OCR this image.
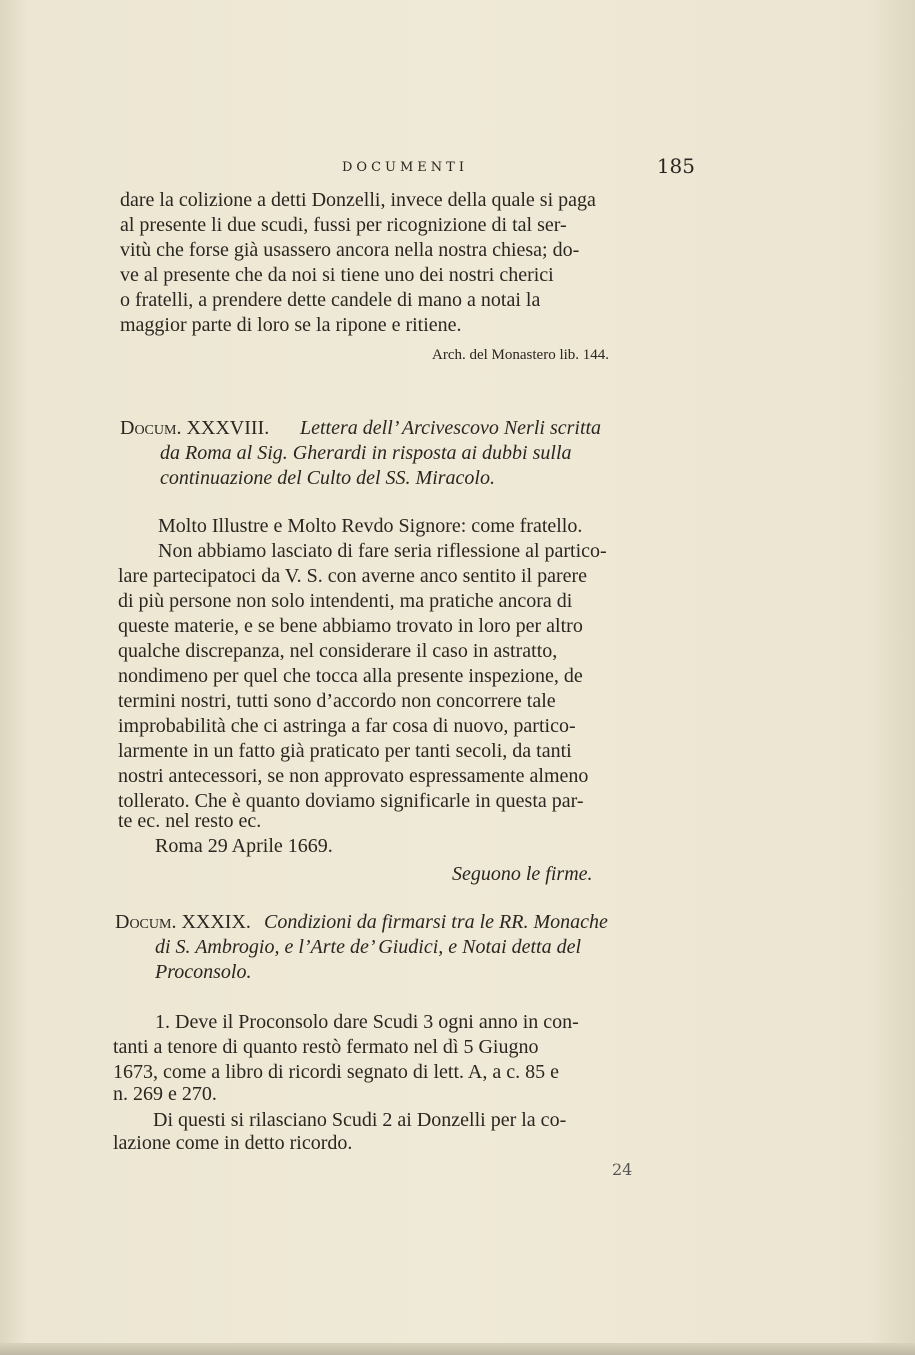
DOCUMENTI	185
dare la colizione a detti Donzelli, invece della quale si paga
al presente li due scudi, fussi per ricognizione di tal ser-
vitù che forse già usassero ancora nella nostra chiesa; do-
ve al presente che da noi si tiene uno dei nostri cherici
o fratelli, a prendere dette candele di mano a notai la
maggior parte di loro se la ripone e ritiene.
Arch. del Monastero lib. 144.
Docum. XXXVIII. Lettera dell’ Arcivescovo Nerli scritta
da Roma al Sig. Gherardi in risposta ai dubbi sulla
continuazione del Culto del SS. Miracolo.
Molto Illustre e Molto Revdo Signore: come fratello.
Non abbiamo lasciato di fare seria riflessione al partico-
lare partecipatoci da V. S. con averne anco sentito il parere
di più persone non solo intendenti, ma pratiche ancora di
queste materie, e se bene abbiamo trovato in loro per altro
qualche discrepanza, nel considerare il caso in astratto,
nondimeno per quel che tocca alla presente inspezione, de
termini nostri, tutti sono d’accordo non concorrere tale
improbabilità che ci astringa a far cosa di nuovo, partico-
larmente in un fatto già praticato per tanti secoli, da tanti
nostri antecessori, se non approvato espressamente almeno
tollerato. Che è quanto doviamo significarle in questa par-
te ec. nel resto ec.
Roma 29 Aprile 1669.
Seguono le firme.
Docum. XXXIX. Condizioni da firmarsi tra le RR. Monache
di S. Ambrogio, e l’Arte de’ Giudici, e Notai detta del
Proconsolo.
1. Deve il Proconsolo dare Scudi 3 ogni anno in con-
tanti a tenore di quanto restò fermato nel dì 5 Giugno
1673, come a libro di ricordi segnato di lett. A, a c. 85 e
n. 269 e 270.
Di questi si rilasciano Scudi 2 ai Donzelli per la co-
lazione come in detto ricordo.
24
